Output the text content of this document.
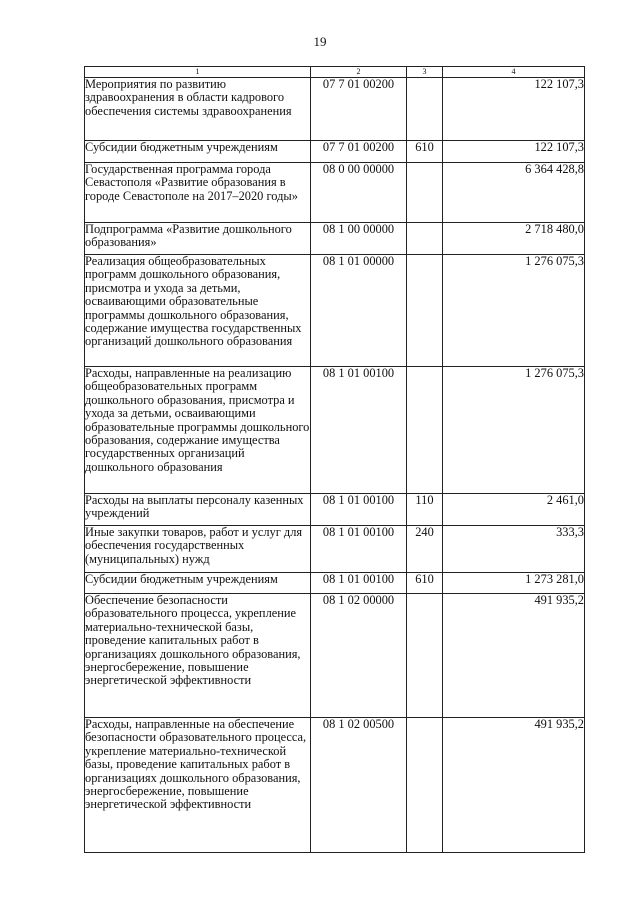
19
1	2	3	4
Мероприятия по развитию здравоохранения в области кадрового обеспечения системы здравоохранения	07 7 01 00200		122 107,3
Субсидии бюджетным учреждениям	07 7 01 00200	610	122 107,3
Государственная программа города Севастополя «Развитие образования в городе Севастополе на 2017–2020 годы»	08 0 00 00000		6 364 428,8
Подпрограмма «Развитие дошкольного образования»	08 1 00 00000		2 718 480,0
Реализация общеобразовательных программ дошкольного образования, присмотра и ухода за детьми, осваивающими образовательные программы дошкольного образования, содержание имущества государственных организаций дошкольного образования	08 1 01 00000		1 276 075,3
Расходы, направленные на реализацию общеобразовательных программ дошкольного образования, присмотра и ухода за детьми, осваивающими образовательные программы дошкольного образования, содержание имущества государственных организаций дошкольного образования	08 1 01 00100		1 276 075,3
Расходы на выплаты персоналу казенных учреждений	08 1 01 00100	110	2 461,0
Иные закупки товаров, работ и услуг для обеспечения государственных (муниципальных) нужд	08 1 01 00100	240	333,3
Субсидии бюджетным учреждениям	08 1 01 00100	610	1 273 281,0
Обеспечение безопасности образовательного процесса, укрепление материально-технической базы, проведение капитальных работ в организациях дошкольного образования, энергосбережение, повышение энергетической эффективности	08 1 02 00000		491 935,2
Расходы, направленные на обеспечение безопасности образовательного процесса, укрепление материально-технической базы, проведение капитальных работ в организациях дошкольного образования, энергосбережение, повышение энергетической эффективности	08 1 02 00500		491 935,2
